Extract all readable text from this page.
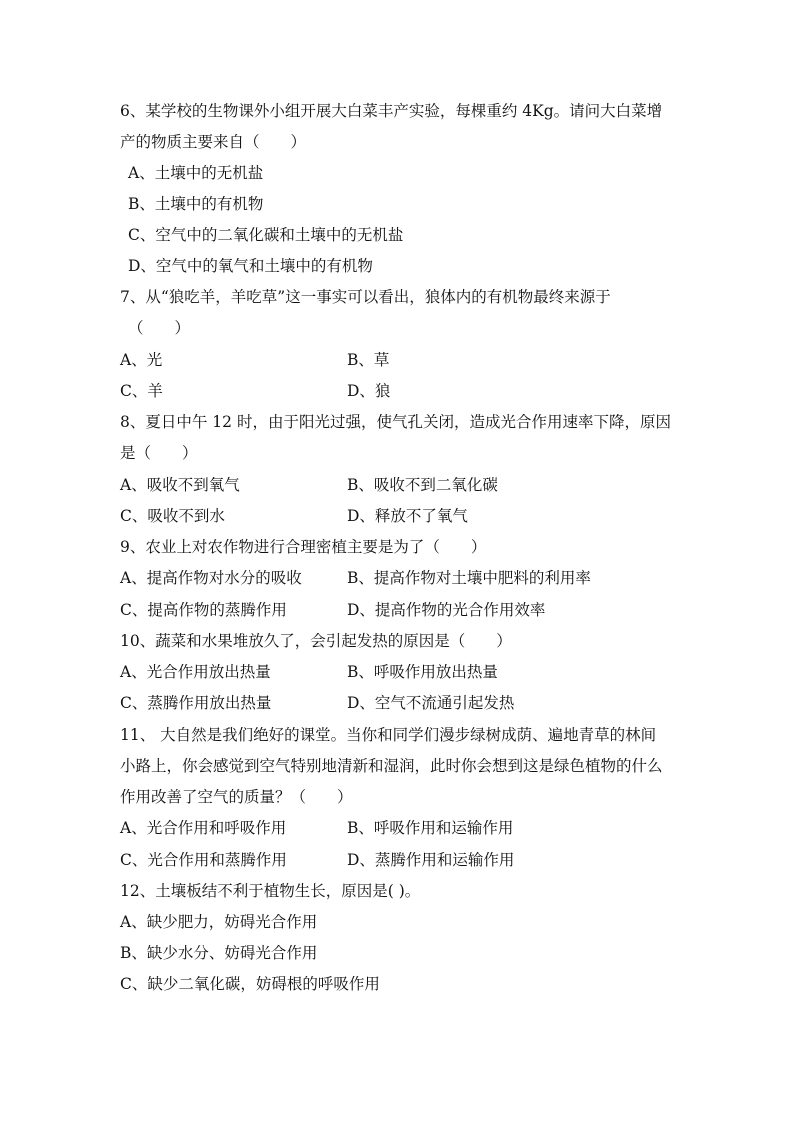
6、某学校的生物课外小组开展大白菜丰产实验，每棵重约 4Kg。请问大白菜增
产的物质主要来自（　　）
A、土壤中的无机盐
B、土壤中的有机物
C、空气中的二氧化碳和土壤中的无机盐
D、空气中的氧气和土壤中的有机物
7、从“狼吃羊，羊吃草”这一事实可以看出，狼体内的有机物最终来源于
（　　）
A、光	B、草
C、羊	D、狼
8、夏日中午 12 时，由于阳光过强，使气孔关闭，造成光合作用速率下降，原因
是（　　）
A、吸收不到氧气	B、吸收不到二氧化碳
C、吸收不到水	D、释放不了氧气
9、农业上对农作物进行合理密植主要是为了（　　）
A、提高作物对水分的吸收	B、提高作物对土壤中肥料的利用率
C、提高作物的蒸腾作用	D、提高作物的光合作用效率
10、蔬菜和水果堆放久了，会引起发热的原因是（　　）
A、光合作用放出热量	B、呼吸作用放出热量
C、蒸腾作用放出热量	D、空气不流通引起发热
11、 大自然是我们绝好的课堂。当你和同学们漫步绿树成荫、遍地青草的林间
小路上，你会感觉到空气特别地清新和湿润，此时你会想到这是绿色植物的什么
作用改善了空气的质量？（　　）
A、光合作用和呼吸作用	B、呼吸作用和运输作用
C、光合作用和蒸腾作用	D、蒸腾作用和运输作用
12、土壤板结不利于植物生长，原因是( )。
A、缺少肥力，妨碍光合作用
B、缺少水分、妨碍光合作用
C、缺少二氧化碳，妨碍根的呼吸作用
